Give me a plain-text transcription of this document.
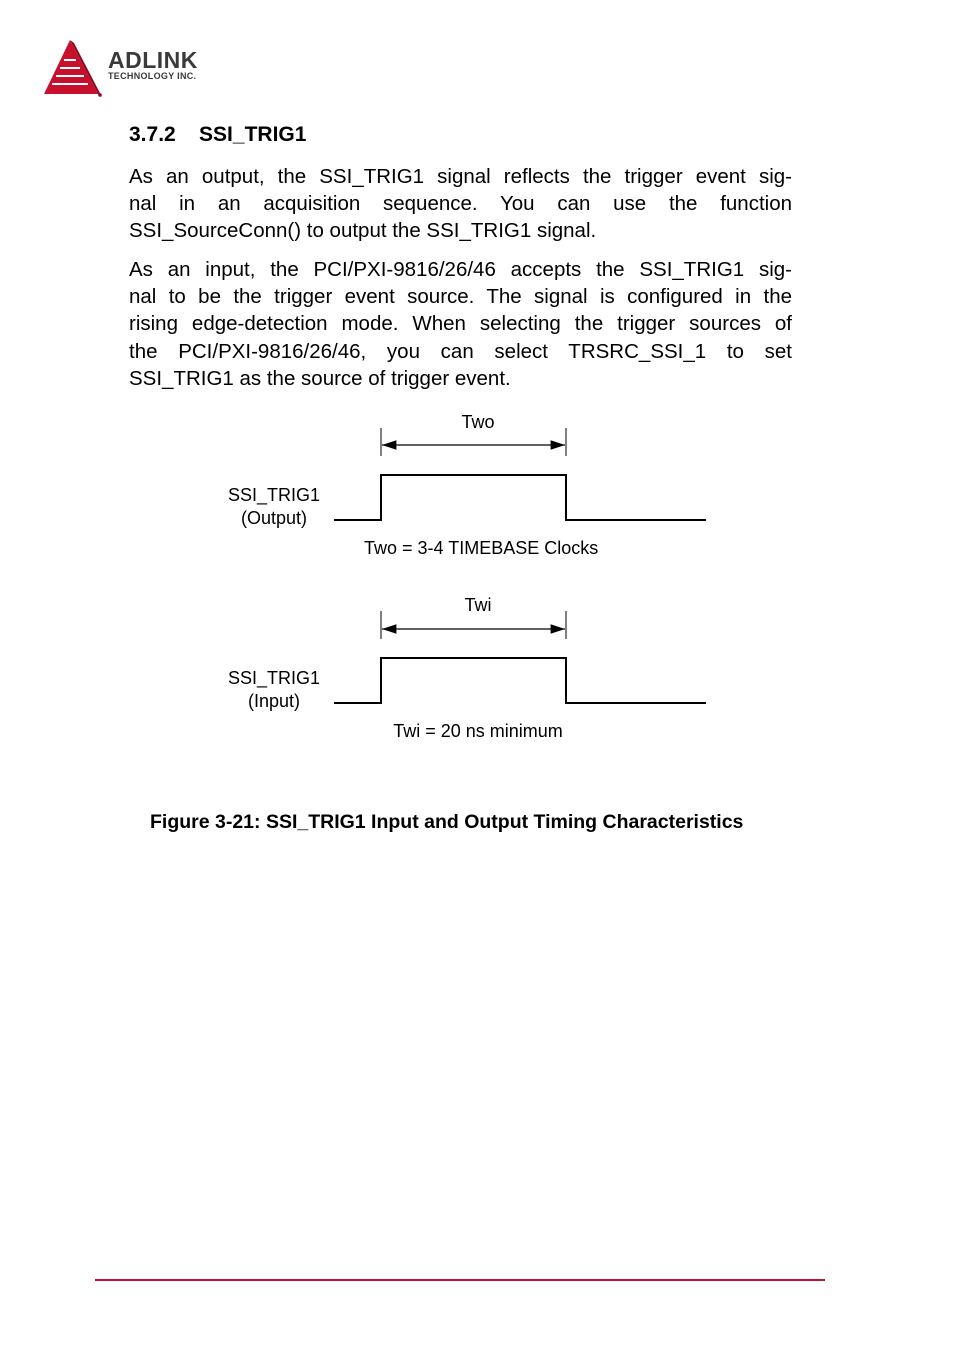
ADLINK
TECHNOLOGY INC.
3.7.2    SSI_TRIG1

As an output, the SSI_TRIG1 signal reflects the trigger event sig-
nal in an acquisition sequence. You can use the function
SSI_SourceConn() to output the SSI_TRIG1 signal.

As an input, the PCI/PXI-9816/26/46 accepts the SSI_TRIG1 sig-
nal to be the trigger event source. The signal is configured in the
rising edge-detection mode. When selecting the trigger sources of
the PCI/PXI-9816/26/46, you can select TRSRC_SSI_1 to set
SSI_TRIG1 as the source of trigger event.

Two
SSI_TRIG1
(Output)
Two = 3-4 TIMEBASE Clocks
Twi
SSI_TRIG1
(Input)
Twi = 20 ns minimum

Figure 3-21: SSI_TRIG1 Input and Output Timing Characteristics
